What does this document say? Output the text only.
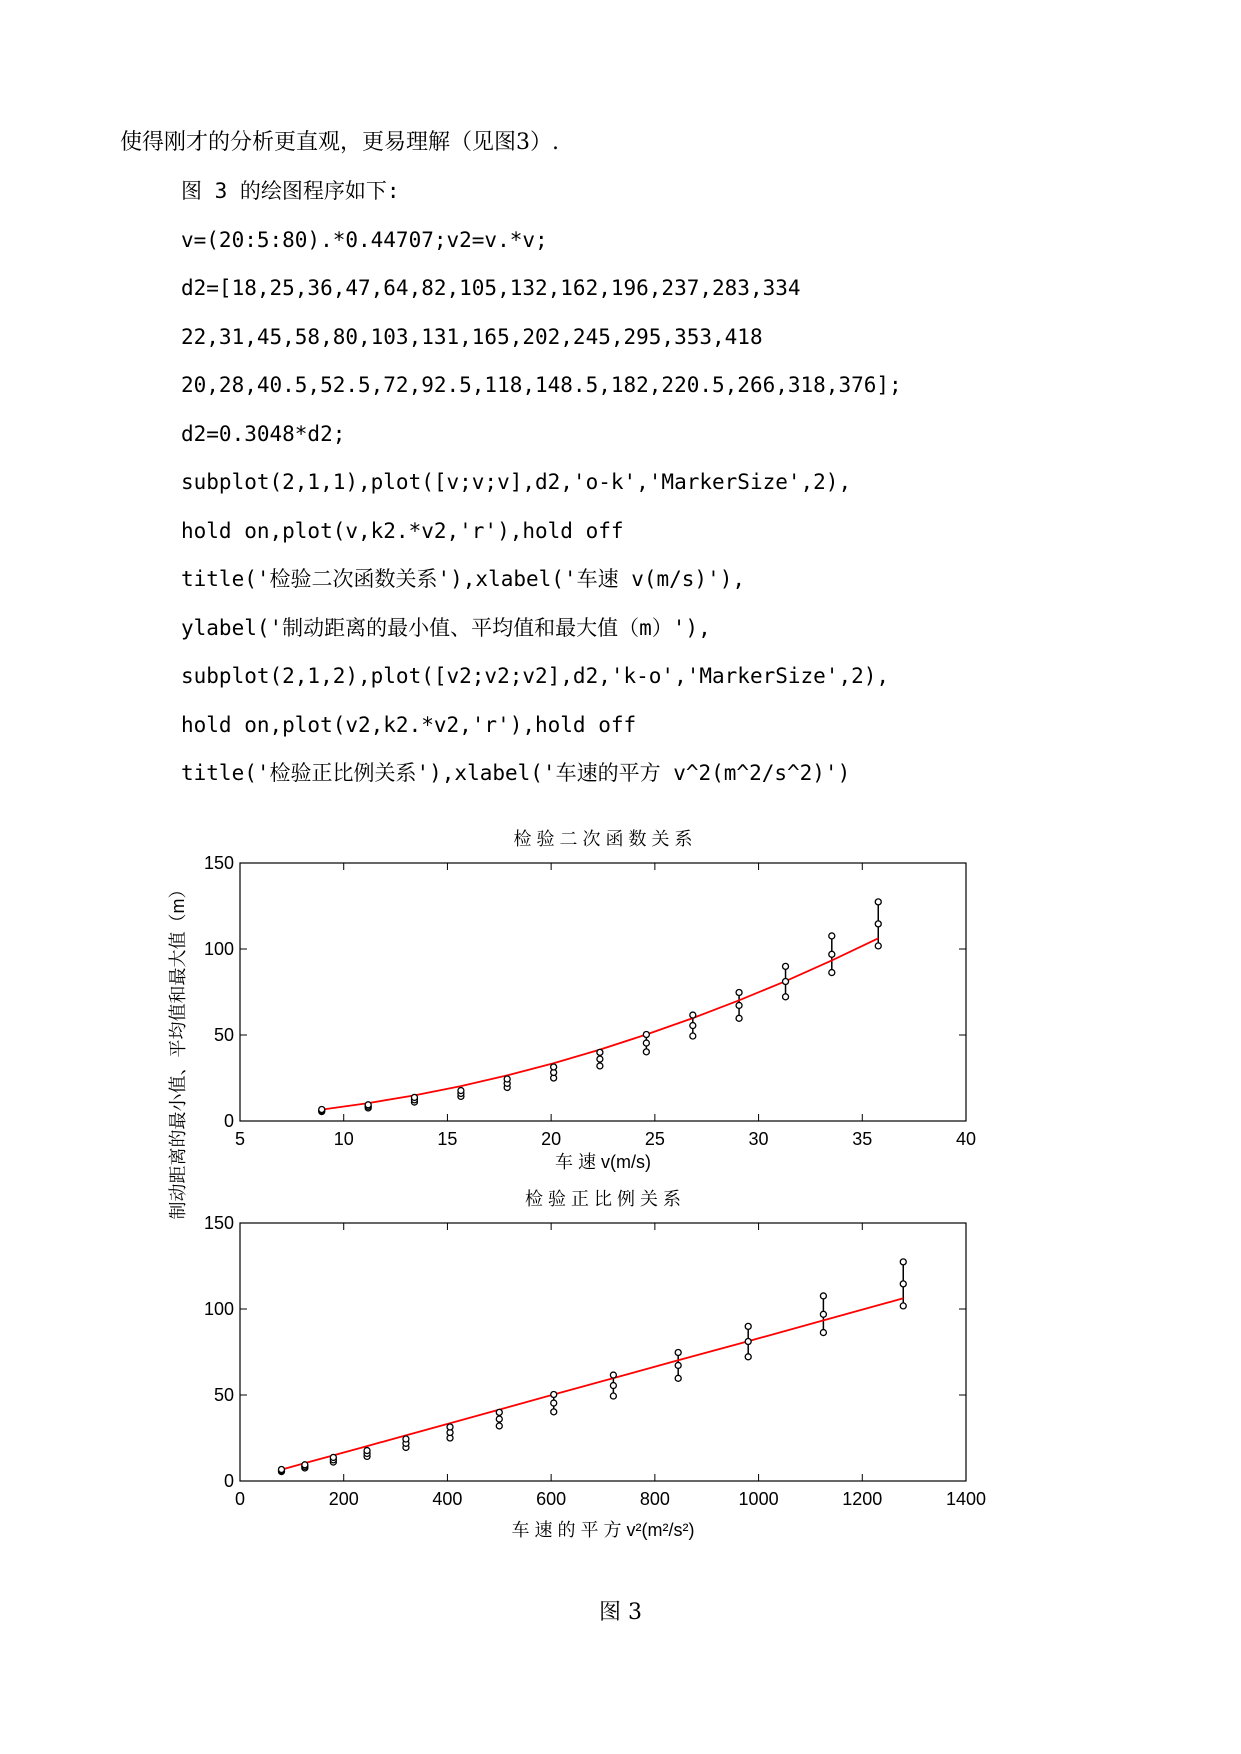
使得刚才的分析更直观，更易理解（见图3）.
图 3 的绘图程序如下:
v=(20:5:80).*0.44707;v2=v.*v;
d2=[18,25,36,47,64,82,105,132,162,196,237,283,334
22,31,45,58,80,103,131,165,202,245,295,353,418
20,28,40.5,52.5,72,92.5,118,148.5,182,220.5,266,318,376];
d2=0.3048*d2;
subplot(2,1,1),plot([v;v;v],d2,'o-k','MarkerSize',2),
hold on,plot(v,k2.*v2,'r'),hold off
title('检验二次函数关系'),xlabel('车速 v(m/s)'),
ylabel('制动距离的最小值、平均值和最大值（m）'),
subplot(2,1,2),plot([v2;v2;v2],d2,'k-o','MarkerSize',2),
hold on,plot(v2,k2.*v2,'r'),hold off
title('检验正比例关系'),xlabel('车速的平方 v^2(m^2/s^2)')
5	10	15	20	25	30	35	40
0
50
100
150
检 验 二 次 函 数 关 系
车 速 v(m/s)
制动距离的最小值、平均值和最大值（m）
0	200	400	600	800	1000	1200	1400
0
50
100
150
检 验 正 比 例 关 系
车 速 的 平 方 v²(m²/s²)
图 3
